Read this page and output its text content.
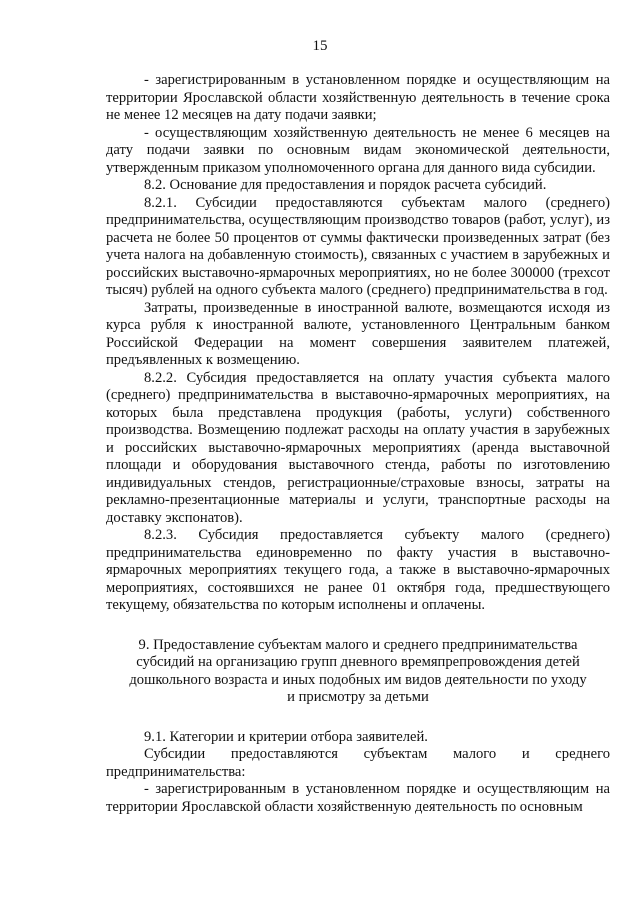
15

- зарегистрированным в установленном порядке и осуществляющим на территории Ярославской области хозяйственную деятельность в течение срока не менее 12 месяцев на дату подачи заявки;

- осуществляющим хозяйственную деятельность не менее 6 месяцев на дату подачи заявки по основным видам экономической деятельности, утвержденным приказом уполномоченного органа для данного вида субсидии.

8.2. Основание для предоставления и порядок расчета субсидий.

8.2.1. Субсидии предоставляются субъектам малого (среднего) предпринимательства, осуществляющим производство товаров (работ, услуг), из расчета не более 50 процентов от суммы фактически произведенных затрат (без учета налога на добавленную стоимость), связанных с участием в зарубежных и российских выставочно-ярмарочных мероприятиях, но не более 300000 (трехсот тысяч) рублей на одного субъекта малого (среднего) предпринимательства в год.

Затраты, произведенные в иностранной валюте, возмещаются исходя из курса рубля к иностранной валюте, установленного Центральным банком Российской Федерации на момент совершения заявителем платежей, предъявленных к возмещению.

8.2.2. Субсидия предоставляется на оплату участия субъекта малого (среднего) предпринимательства в выставочно-ярмарочных мероприятиях, на которых была представлена продукция (работы, услуги) собственного производства. Возмещению подлежат расходы на оплату участия в зарубежных и российских выставочно-ярмарочных мероприятиях (аренда выставочной площади и оборудования выставочного стенда, работы по изготовлению индивидуальных стендов, регистрационные/страховые взносы, затраты на рекламно-презентационные материалы и услуги, транспортные расходы на доставку экспонатов).

8.2.3. Субсидия предоставляется субъекту малого (среднего) предпринимательства единовременно по факту участия в выставочно-ярмарочных мероприятиях текущего года, а также в выставочно-ярмарочных мероприятиях, состоявшихся не ранее 01 октября года, предшествующего текущему, обязательства по которым исполнены и оплачены.

9. Предоставление субъектам малого и среднего предпринимательства
субсидий на организацию групп дневного времяпрепровождения детей
дошкольного возраста и иных подобных им видов деятельности по уходу
и присмотру за детьми

9.1. Категории и критерии отбора заявителей.

Субсидии предоставляются субъектам малого и среднего предпринимательства:

- зарегистрированным в установленном порядке и осуществляющим на территории Ярославской области хозяйственную деятельность по основным
